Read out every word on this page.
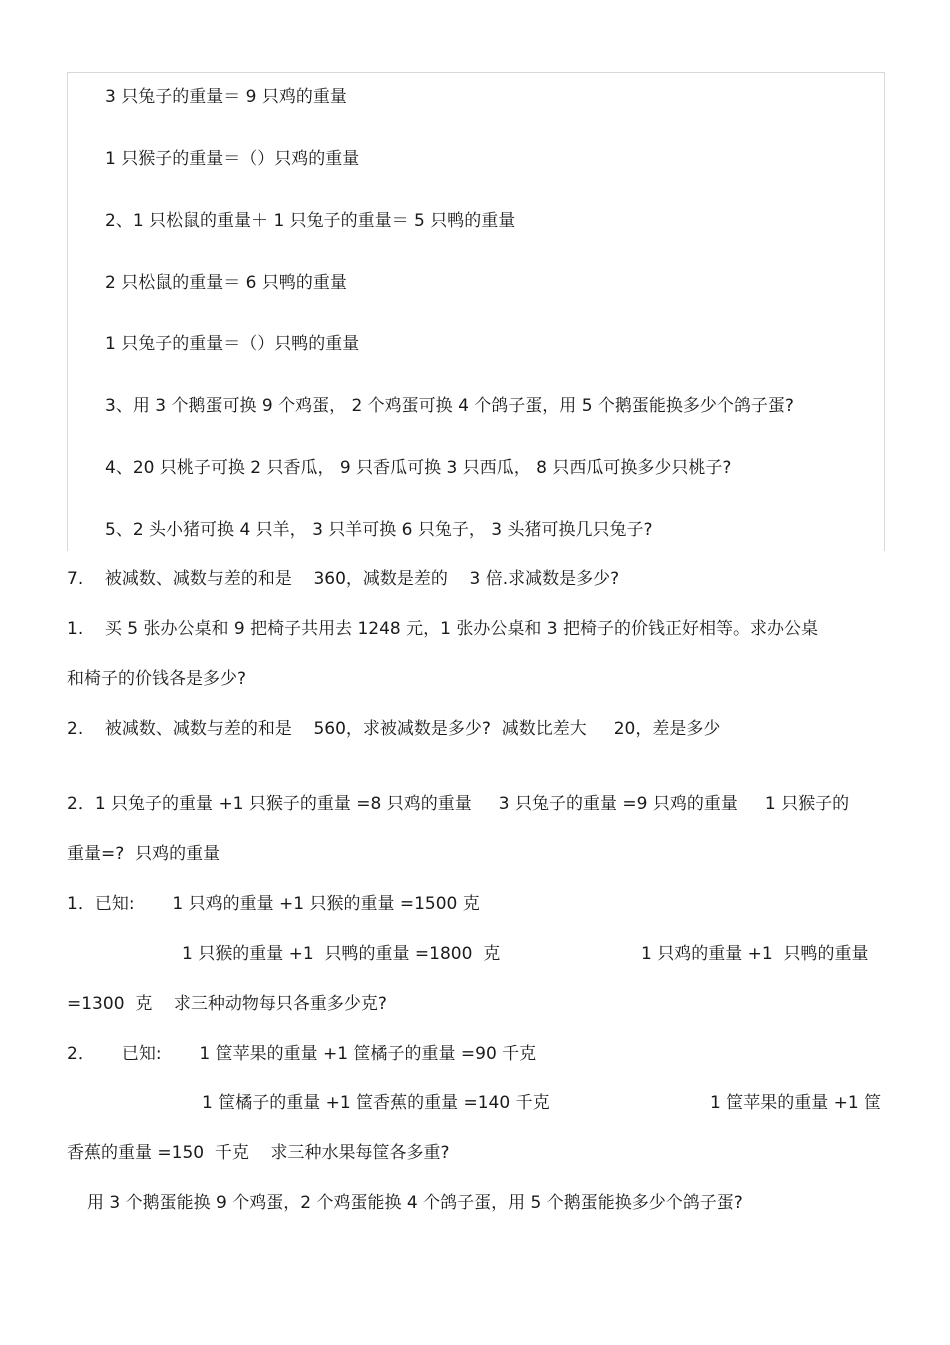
3 只兔子的重量＝ 9 只鸡的重量
1 只猴子的重量＝（）只鸡的重量
2、1 只松鼠的重量＋ 1 只兔子的重量＝ 5 只鸭的重量
2 只松鼠的重量＝ 6 只鸭的重量
1 只兔子的重量＝（）只鸭的重量
3、用 3 个鹅蛋可换 9 个鸡蛋， 2 个鸡蛋可换 4 个鸽子蛋，用 5 个鹅蛋能换多少个鸽子蛋?
4、20 只桃子可换 2 只香瓜， 9 只香瓜可换 3 只西瓜， 8 只西瓜可换多少只桃子?
5、2 头小猪可换 4 只羊， 3 只羊可换 6 只兔子， 3 头猪可换几只兔子?
7.    被减数、减数与差的和是    360，减数是差的    3 倍.求减数是多少?
1.    买 5 张办公桌和 9 把椅子共用去 1248 元，1 张办公桌和 3 把椅子的价钱正好相等。求办公桌
和椅子的价钱各是多少?
2.    被减数、减数与差的和是    560，求被减数是多少?  减数比差大     20，差是多少
2．1 只兔子的重量 +1 只猴子的重量 =8 只鸡的重量     3 只兔子的重量 =9 只鸡的重量     1 只猴子的
重量=?  只鸡的重量
1．已知:       1 只鸡的重量 +1 只猴的重量 =1500 克
1 只猴的重量 +1  只鸭的重量 =1800  克	1 只鸡的重量 +1  只鸭的重量
=1300  克    求三种动物每只各重多少克?
2．     已知:       1 筐苹果的重量 +1 筐橘子的重量 =90 千克
1 筐橘子的重量 +1 筐香蕉的重量 =140 千克	1 筐苹果的重量 +1 筐
香蕉的重量 =150  千克    求三种水果每筐各多重?
用 3 个鹅蛋能换 9 个鸡蛋，2 个鸡蛋能换 4 个鸽子蛋，用 5 个鹅蛋能换多少个鸽子蛋?
